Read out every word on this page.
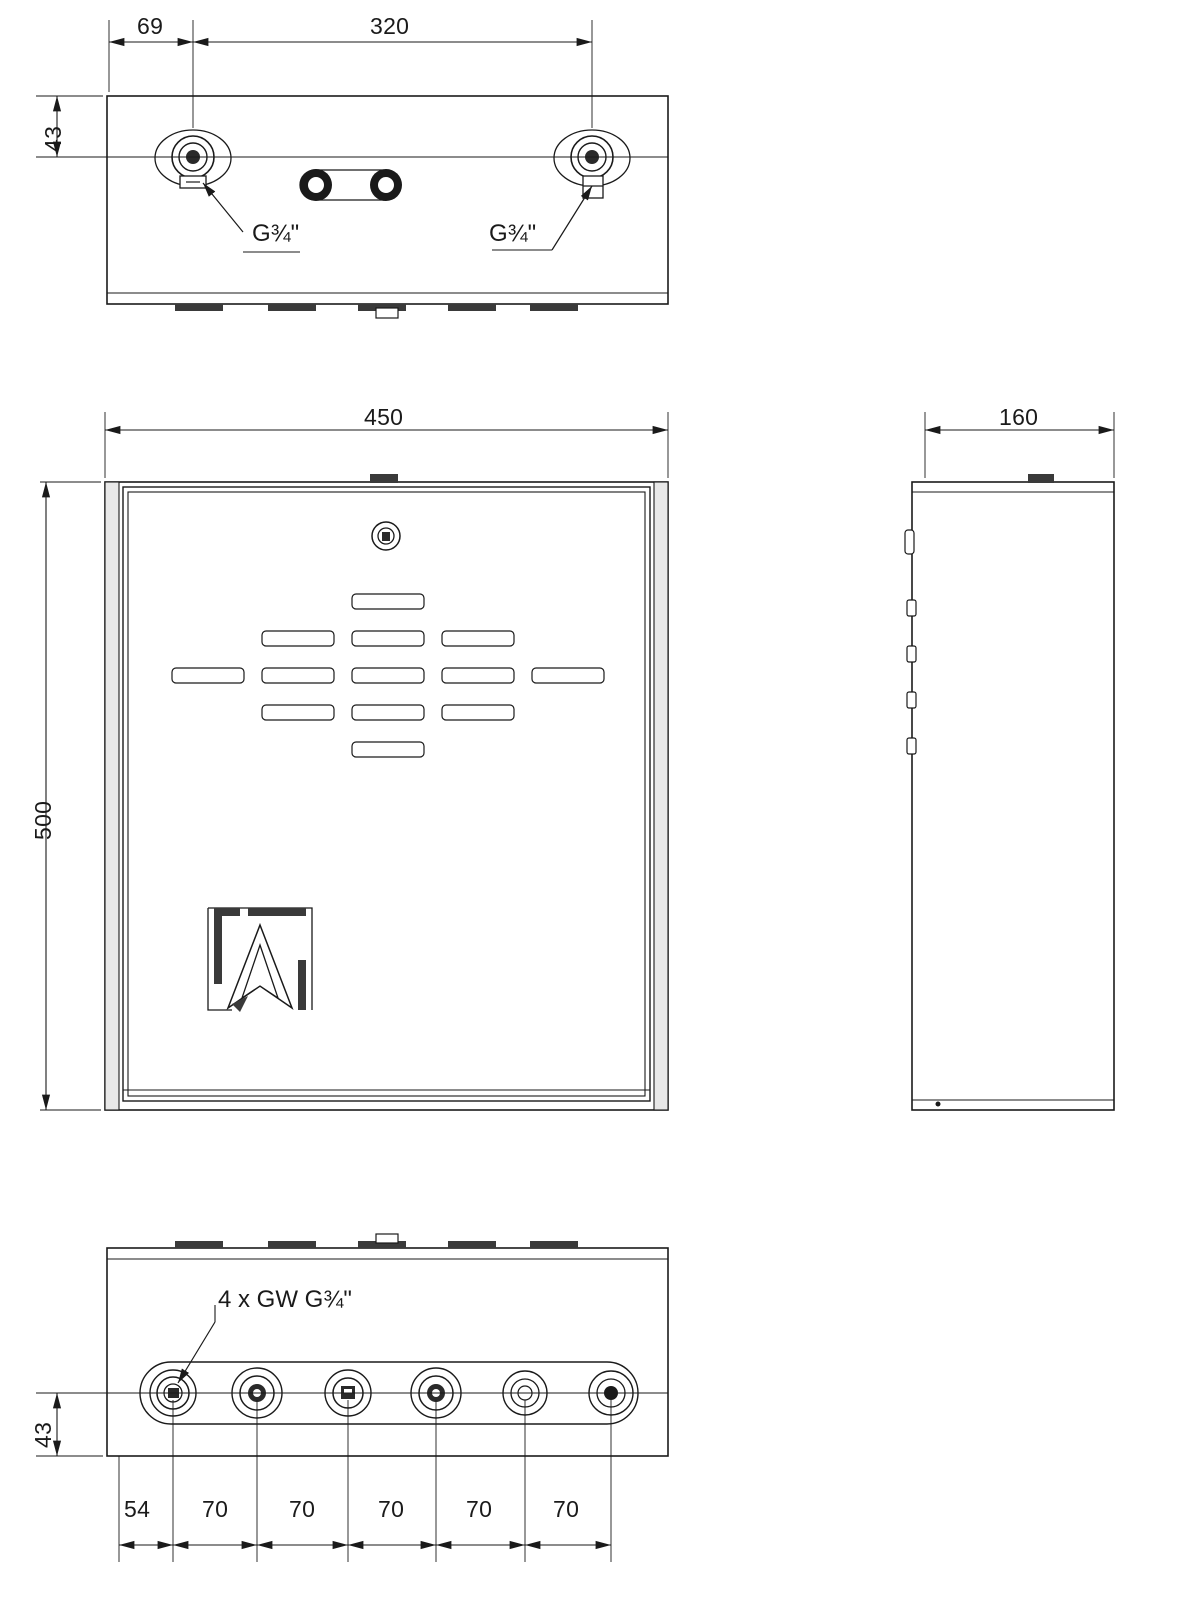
69	320
43
G¾"	G¾"
450
500
160
4 x GW G¾"
43
54 70	70	70	70	70
